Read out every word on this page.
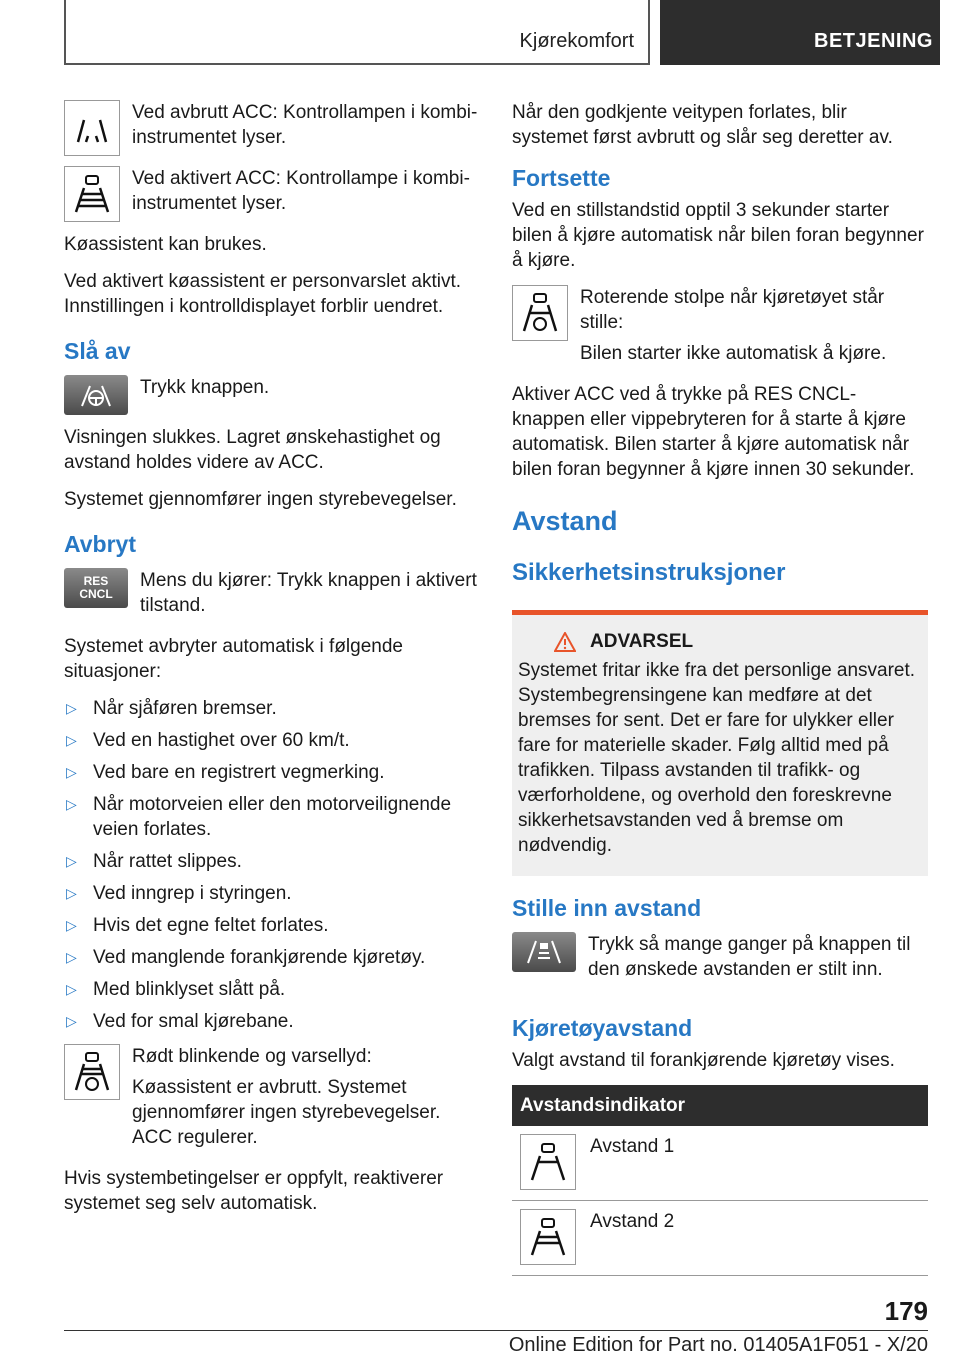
Kjørekomfort	BETJENING

Ved avbrutt ACC: Kontrollampen i kombi-instrumentet lyser.

Ved aktivert ACC: Kontrollampe i kombi-instrumentet lyser.

Køassistent kan brukes.

Ved aktivert køassistent er personvarslet aktivt. Innstillingen i kontrolldisplayet forblir uendret.

Slå av

Trykk knappen.

Visningen slukkes. Lagret ønskehastighet og avstand holdes videre av ACC.

Systemet gjennomfører ingen styrebevegelser.

Avbryt
RES
CNCL

Mens du kjører: Trykk knappen i aktivert tilstand.

Systemet avbryter automatisk i følgende situasjoner:

▷ Når sjåføren bremser.
▷ Ved en hastighet over 60 km/t.
▷ Ved bare en registrert vegmerking.
▷ Når motorveien eller den motorveilignende veien forlates.
▷ Når rattet slippes.
▷ Ved inngrep i styringen.
▷ Hvis det egne feltet forlates.
▷ Ved manglende forankjørende kjøretøy.
▷ Med blinklyset slått på.
▷ Ved for smal kjørebane.

Rødt blinkende og varsellyd:

Køassistent er avbrutt. Systemet gjennomfører ingen styrebevegelser. ACC regulerer.

Hvis systembetingelser er oppfylt, reaktiverer systemet seg selv automatisk.

Når den godkjente veitypen forlates, blir systemet først avbrutt og slår seg deretter av.

Fortsette

Ved en stillstandstid opptil 3 sekunder starter bilen å kjøre automatisk når bilen foran begynner å kjøre.

Roterende stolpe når kjøretøyet står stille:

Bilen starter ikke automatisk å kjøre.

Aktiver ACC ved å trykke på RES CNCL-knappen eller vippebryteren for å starte å kjøre automatisk. Bilen starter å kjøre automatisk når bilen foran begynner å kjøre innen 30 sekunder.

Avstand
Sikkerhetsinstruksjoner
ADVARSEL

Systemet fritar ikke fra det personlige ansvaret. Systembegrensingene kan medføre at det bremses for sent. Det er fare for ulykker eller fare for materielle skader. Følg alltid med på trafikken. Tilpass avstanden til trafikk- og værforholdene, og overhold den foreskrevne sikkerhetsavstanden ved å bremse om nødvendig.

Stille inn avstand

Trykk så mange ganger på knappen til den ønskede avstanden er stilt inn.

Kjøretøyavstand

Valgt avstand til forankjørende kjøretøy vises.

Avstandsindikator
Avstand 1
Avstand 2
179
Online Edition for Part no. 01405A1F051 - X/20
